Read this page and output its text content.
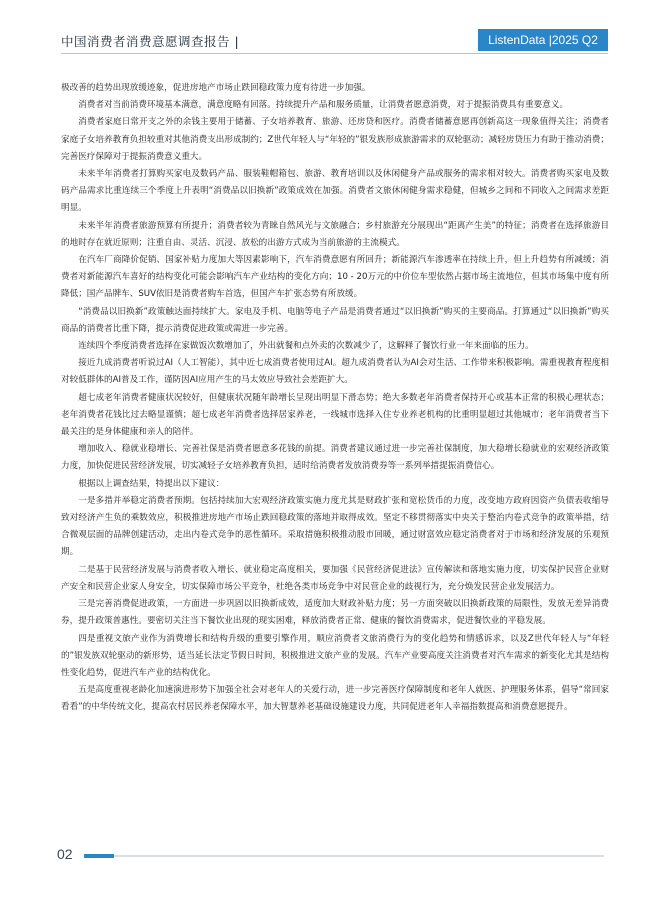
中国消费者消费意愿调查报告 |	ListenData |2025 Q2

极改善的趋势出现放缓迹象，促进房地产市场止跌回稳政策力度有待进一步加强。

消费者对当前消费环境基本满意，满意度略有回落。持续提升产品和服务质量，让消费者愿意消费，对于提振消费具有重要意义。

消费者家庭日常开支之外的余钱主要用于储蓄、子女培养教育、旅游、还房贷和医疗。消费者储蓄意愿再创新高这一现象值得关注；消费者家庭子女培养教育负担较重对其他消费支出形成制约；Z世代年轻人与“年轻的”银发族形成旅游需求的双轮驱动；减轻房贷压力有助于推动消费；完善医疗保障对于提振消费意义重大。

未来半年消费者打算购买家电及数码产品、服装鞋帽箱包、旅游、教育培训以及休闲健身产品或服务的需求相对较大。消费者购买家电及数码产品需求比重连续三个季度上升表明“消费品以旧换新”政策成效在加强。消费者文旅休闲健身需求稳健，但城乡之间和不同收入之间需求差距明显。

未来半年消费者旅游预算有所提升；消费者较为青睐自然风光与文旅融合；乡村旅游充分展现出“距离产生美”的特征；消费者在选择旅游目的地时存在就近原则；注重自由、灵活、沉浸、放松的出游方式成为当前旅游的主流模式。

在汽车厂商降价促销、国家补贴力度加大等因素影响下，汽车消费意愿有所回升；新能源汽车渗透率在持续上升，但上升趋势有所减缓；消费者对新能源汽车喜好的结构变化可能会影响汽车产业结构的变化方向；10 - 20万元的中价位车型依然占据市场主流地位，但其市场集中度有所降低；国产品牌车、SUV依旧是消费者购车首选，但国产车扩张态势有所放缓。

“消费品以旧换新”政策触达面持续扩大。家电及手机、电脑等电子产品是消费者通过“以旧换新”购买的主要商品。打算通过“以旧换新”购买商品的消费者比重下降，提示消费促进政策或需进一步完善。

连续四个季度消费者选择在家做饭次数增加了，外出就餐和点外卖的次数减少了，这解释了餐饮行业一年来面临的压力。

接近九成消费者听说过AI（人工智能），其中近七成消费者使用过AI。超九成消费者认为AI会对生活、工作带来积极影响。需重视教育程度相对较低群体的AI普及工作，谨防因AI应用产生的马太效应导致社会差距扩大。

超七成老年消费者健康状况较好，但健康状况随年龄增长呈现出明显下滑态势；绝大多数老年消费者保持开心或基本正常的积极心理状态；老年消费者花钱比过去略显谨慎；超七成老年消费者选择居家养老，一线城市选择入住专业养老机构的比重明显超过其他城市；老年消费者当下最关注的是身体健康和亲人的陪伴。

增加收入、稳就业稳增长、完善社保是消费者愿意多花钱的前提。消费者建议通过进一步完善社保制度，加大稳增长稳就业的宏观经济政策力度，加快促进民营经济发展，切实减轻子女培养教育负担，适时给消费者发放消费券等一系列举措提振消费信心。

根据以上调查结果，特提出以下建议：

一是多措并举稳定消费者预期。包括持续加大宏观经济政策实施力度尤其是财政扩张和宽松货币的力度，改变地方政府因资产负债表收缩导致对经济产生负的乘数效应，积极推进房地产市场止跌回稳政策的落地并取得成效。坚定不移贯彻落实中央关于整治内卷式竞争的政策举措，结合微观层面的品牌创建活动，走出内卷式竞争的恶性循环。采取措施积极推动股市回暖，通过财富效应稳定消费者对于市场和经济发展的乐观预期。

二是基于民营经济发展与消费者收入增长、就业稳定高度相关，要加强《民营经济促进法》宣传解读和落地实施力度，切实保护民营企业财产安全和民营企业家人身安全，切实保障市场公平竞争，杜绝各类市场竞争中对民营企业的歧视行为，充分焕发民营企业发展活力。

三是完善消费促进政策，一方面进一步巩固以旧换新成效，适度加大财政补贴力度；另一方面突破以旧换新政策的局限性，发放无差异消费券，提升政策普惠性。要密切关注当下餐饮业出现的现实困难，释放消费者正常、健康的餐饮消费需求，促进餐饮业的平稳发展。

四是重视文旅产业作为消费增长和结构升级的重要引擎作用，顺应消费者文旅消费行为的变化趋势和情感诉求，以及Z世代年轻人与“年轻的”银发族双轮驱动的新形势，适当延长法定节假日时间，积极推进文旅产业的发展。汽车产业要高度关注消费者对汽车需求的新变化尤其是结构性变化趋势，促进汽车产业的结构优化。

五是高度重视老龄化加速演进形势下加强全社会对老年人的关爱行动，进一步完善医疗保障制度和老年人就医、护理服务体系，倡导“常回家看看”的中华传统文化，提高农村居民养老保障水平，加大智慧养老基础设施建设力度，共同促进老年人幸福指数提高和消费意愿提升。

02
